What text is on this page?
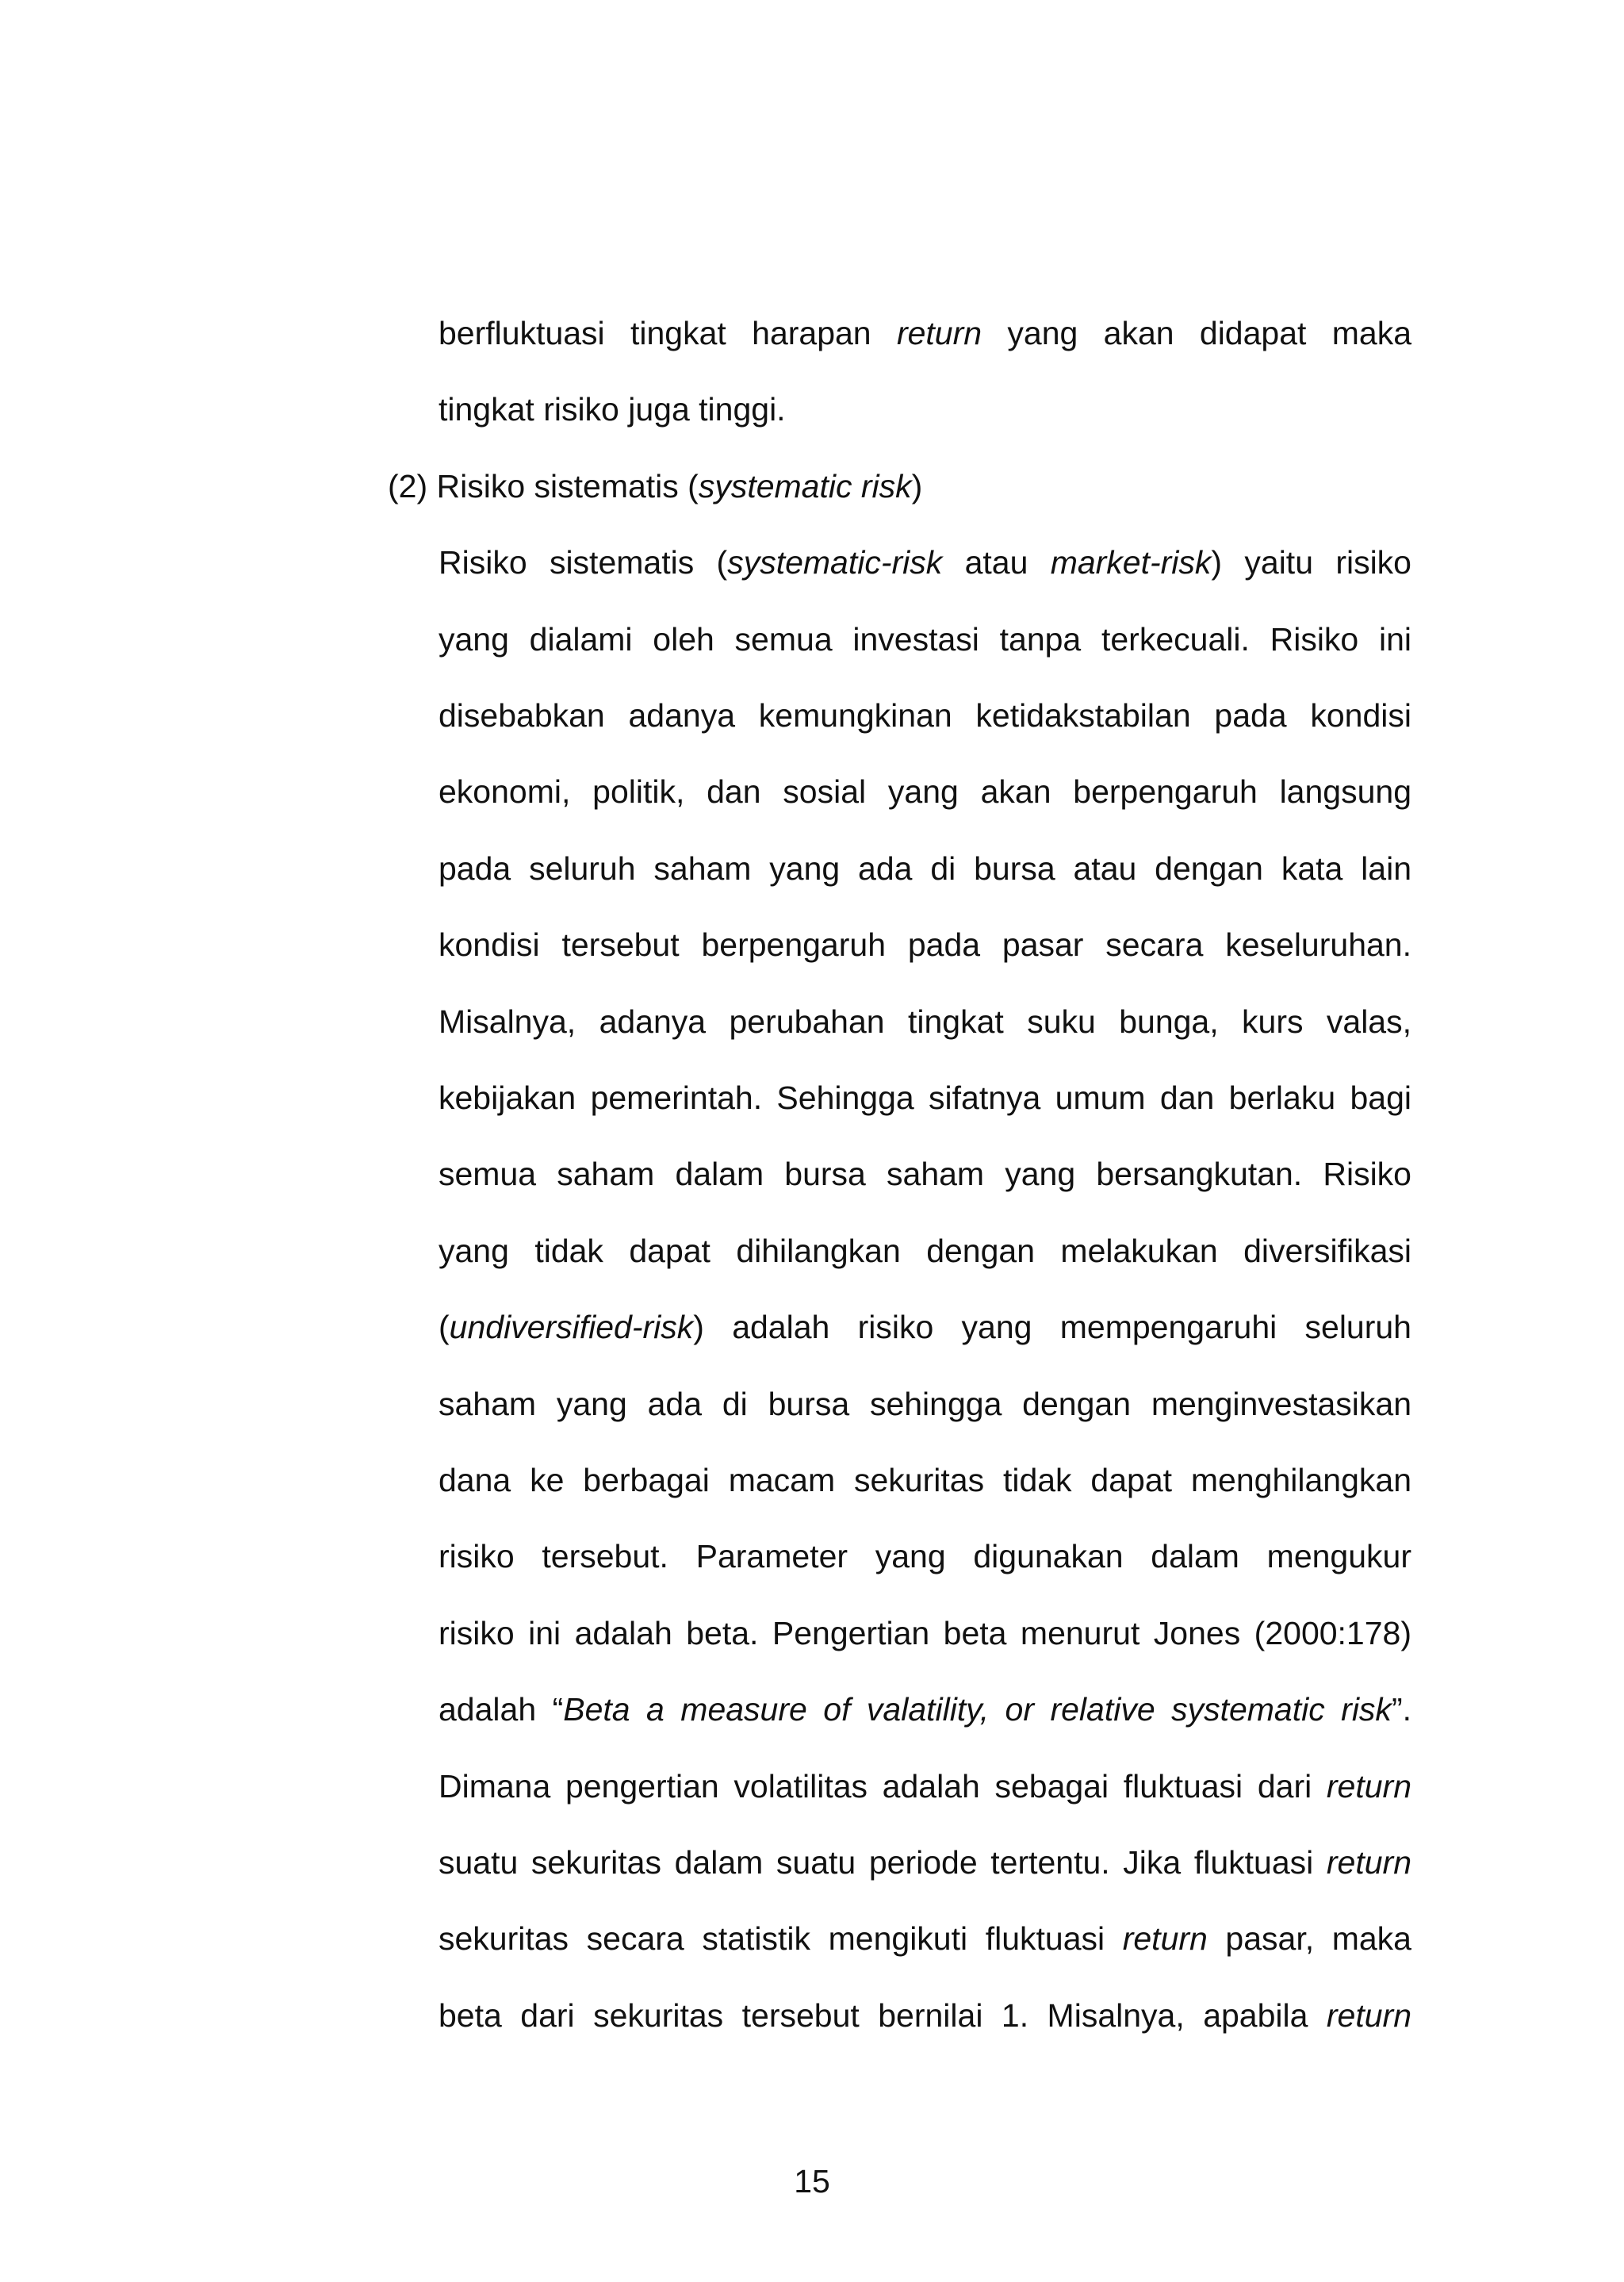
berfluktuasi tingkat harapan return yang akan didapat maka
tingkat risiko juga tinggi.
(2) Risiko sistematis (systematic risk)
Risiko sistematis (systematic-risk atau market-risk) yaitu risiko
yang dialami oleh semua investasi tanpa terkecuali. Risiko ini
disebabkan adanya kemungkinan ketidakstabilan pada kondisi
ekonomi, politik, dan sosial yang akan berpengaruh langsung
pada seluruh saham yang ada di bursa atau dengan kata lain
kondisi tersebut berpengaruh pada pasar secara keseluruhan.
Misalnya, adanya perubahan tingkat suku bunga, kurs valas,
kebijakan pemerintah. Sehingga sifatnya umum dan berlaku bagi
semua saham dalam bursa saham yang bersangkutan. Risiko
yang tidak dapat dihilangkan dengan melakukan diversifikasi
(undiversified-risk) adalah risiko yang mempengaruhi seluruh
saham yang ada di bursa sehingga dengan menginvestasikan
dana ke berbagai macam sekuritas tidak dapat menghilangkan
risiko tersebut. Parameter yang digunakan dalam mengukur
risiko ini adalah beta. Pengertian beta menurut Jones (2000:178)
adalah “Beta a measure of valatility, or relative systematic risk”.
Dimana pengertian volatilitas adalah sebagai fluktuasi dari return
suatu sekuritas dalam suatu periode tertentu. Jika fluktuasi return
sekuritas secara statistik mengikuti fluktuasi return pasar, maka
beta dari sekuritas tersebut bernilai 1. Misalnya, apabila return
15
